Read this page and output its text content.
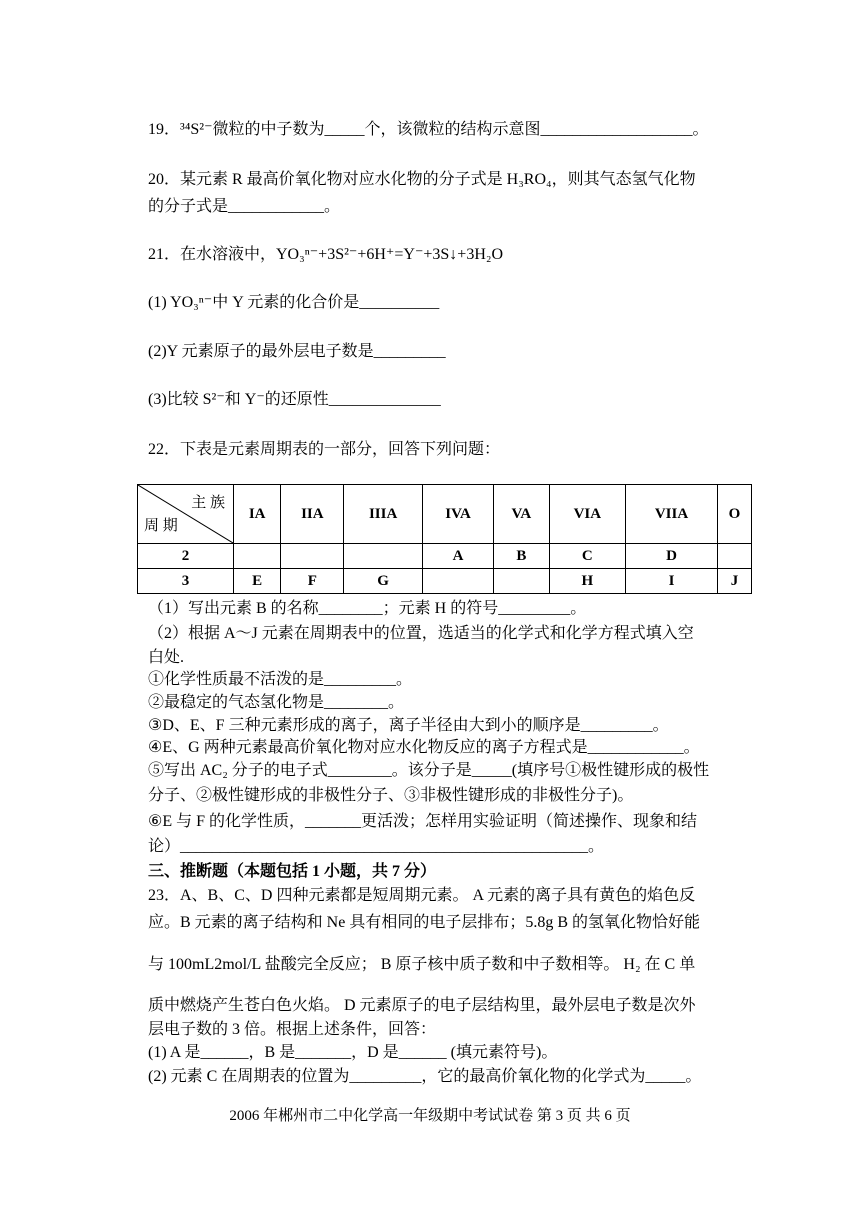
19．³⁴S²⁻微粒的中子数为_____个，该微粒的结构示意图___________________。
20．某元素 R 最高价氧化物对应水化物的分子式是 H₃RO₄，则其气态氢气化物
的分子式是____________。
21．在水溶液中，YO₃ⁿ⁻+3S²⁻+6H⁺=Y⁻+3S↓+3H₂O
(1) YO₃ⁿ⁻中 Y 元素的化合价是__________
(2)Y 元素原子的最外层电子数是_________
(3)比较 S²⁻和 Y⁻的还原性______________
22．下表是元素周期表的一部分，回答下列问题：
主 族
周 期	IA	IIA	IIIA	IVA	VA	VIA	VIIA	O
2				A	B	C	D	
3	E	F	G			H	I	J
（1）写出元素 B 的名称________；元素 H 的符号_________。
（2）根据 A～J 元素在周期表中的位置，选适当的化学式和化学方程式填入空
白处.
①化学性质最不活泼的是_________。
②最稳定的气态氢化物是________。
③D、E、F 三种元素形成的离子，离子半径由大到小的顺序是_________。
④E、G 两种元素最高价氧化物对应水化物反应的离子方程式是____________。
⑤写出 AC₂ 分子的电子式________。该分子是_____(填序号①极性键形成的极性
分子、②极性键形成的非极性分子、③非极性键形成的非极性分子)。
⑥E 与 F 的化学性质，_______更活泼；怎样用实验证明（简述操作、现象和结
论）___________________________________________________。
三、推断题（本题包括 1 小题，共 7 分）
23．A、B、C、D 四种元素都是短周期元素。 A 元素的离子具有黄色的焰色反
应。B 元素的离子结构和 Ne 具有相同的电子层排布；5.8g B 的氢氧化物恰好能
与 100mL2mol/L 盐酸完全反应； B 原子核中质子数和中子数相等。 H₂ 在 C 单
质中燃烧产生苍白色火焰。 D 元素原子的电子层结构里，最外层电子数是次外
层电子数的 3 倍。根据上述条件，回答：
(1) A 是______，B 是_______，D 是______ (填元素符号)。
(2) 元素 C 在周期表的位置为_________，它的最高价氧化物的化学式为_____。
2006 年郴州市二中化学高一年级期中考试试卷 第 3 页 共 6 页
